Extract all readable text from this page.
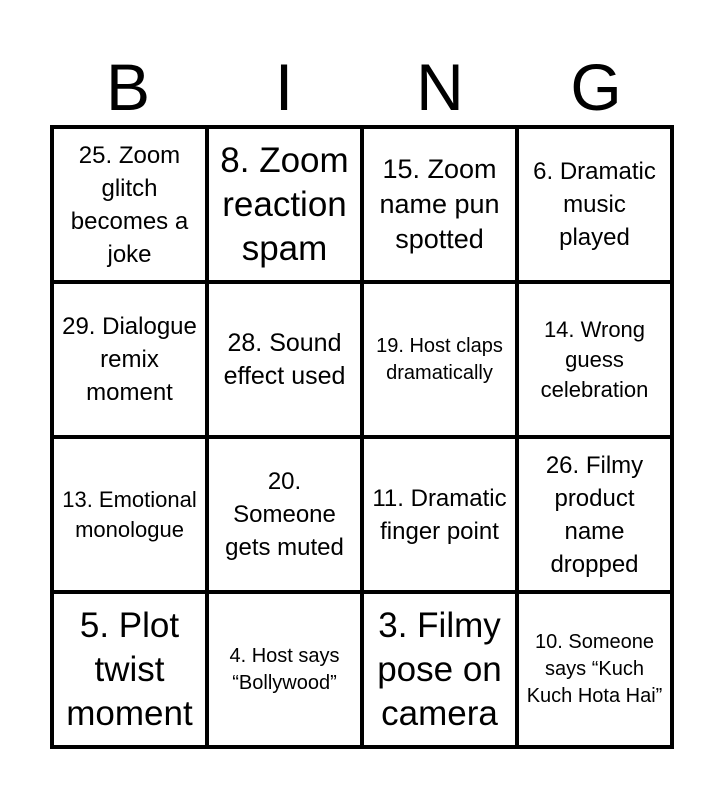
B	I	N	G
25. Zoom glitch becomes a joke
8. Zoom reaction spam
15. Zoom name pun spotted
6. Dramatic music played
29. Dialogue remix moment
28. Sound effect used
19. Host claps dramatically
14. Wrong guess celebration
13. Emotional monologue
20. Someone gets muted
11. Dramatic finger point
26. Filmy product name dropped
5. Plot twist moment
4. Host says “Bollywood”
3. Filmy pose on camera
10. Someone says “Kuch Kuch Hota Hai”
